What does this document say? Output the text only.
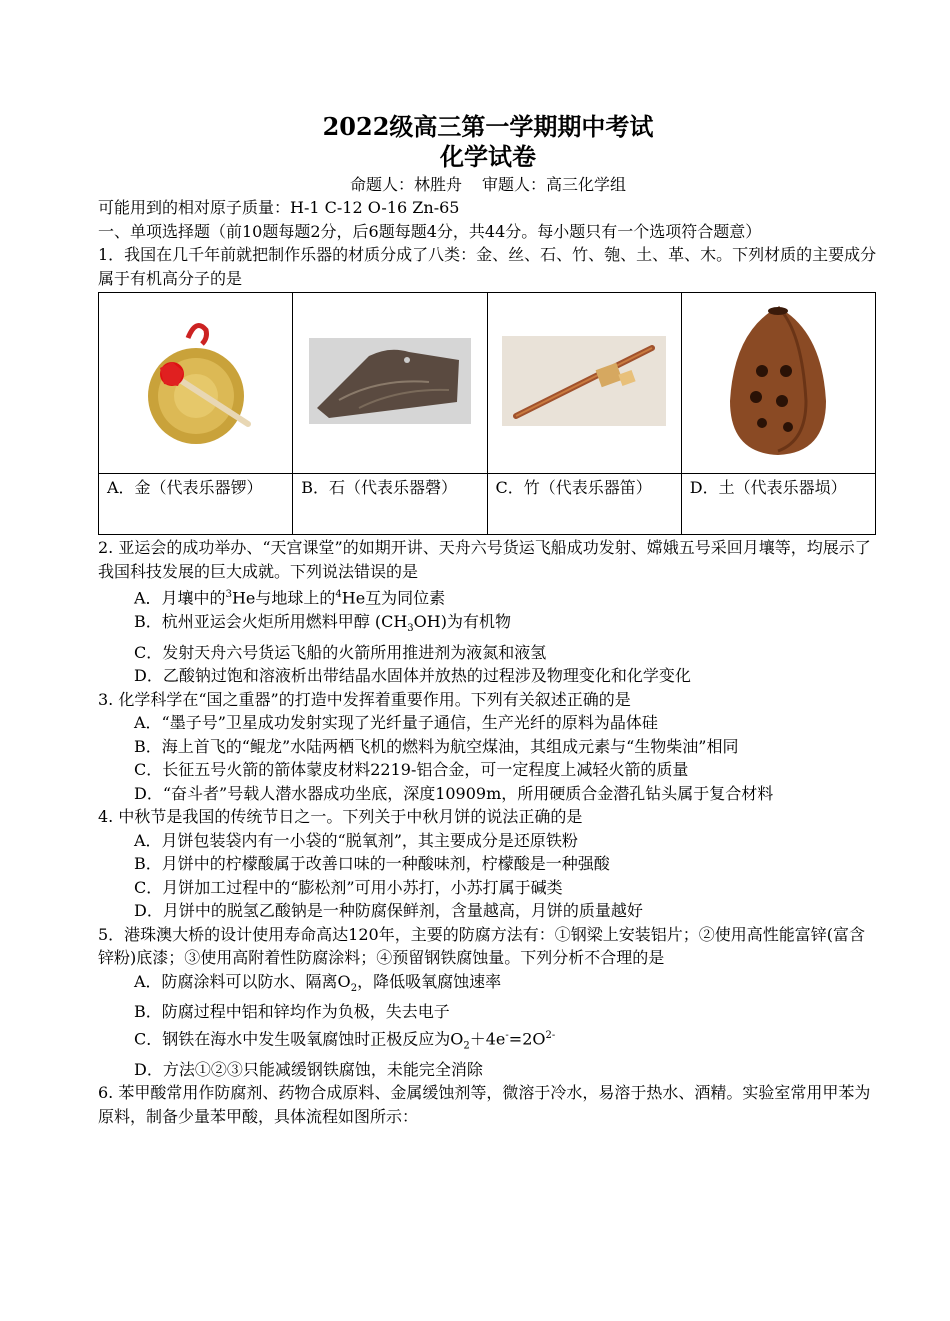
2022级高三第一学期期中考试
化学试卷
命题人：林胜舟 审题人：高三化学组

可能用到的相对原子质量：H-1 C-12 O-16 Zn-65

一、单项选择题（前10题每题2分，后6题每题4分，共44分。每小题只有一个选项符合题意）

1．我国在几千年前就把制作乐器的材质分成了八类：金、丝、石、竹、匏、土、革、木。下列材质的主要成分属于有机高分子的是

A．金（代表乐器锣）	B．石（代表乐器磬）	C．竹（代表乐器笛）	D．土（代表乐器埙）

2. 亚运会的成功举办、“天宫课堂”的如期开讲、天舟六号货运飞船成功发射、嫦娥五号采回月壤等，均展示了我国科技发展的巨大成就。下列说法错误的是

A．月壤中的$^3$He与地球上的$^4$He互为同位素
B．杭州亚运会火炬所用燃料甲醇 $(CH_3OH)$为有机物
C．发射天舟六号货运飞船的火箭所用推进剂为液氮和液氢
D．乙酸钠过饱和溶液析出带结晶水固体并放热的过程涉及物理变化和化学变化

3. 化学科学在“国之重器”的打造中发挥着重要作用。下列有关叙述正确的是

A．“墨子号”卫星成功发射实现了光纤量子通信，生产光纤的原料为晶体硅
B．海上首飞的“鲲龙”水陆两栖飞机的燃料为航空煤油，其组成元素与“生物柴油”相同
C．长征五号火箭的箭体蒙皮材料2219-铝合金，可一定程度上减轻火箭的质量
D．“奋斗者”号载人潜水器成功坐底，深度10909m，所用硬质合金潜孔钻头属于复合材料

4. 中秋节是我国的传统节日之一。下列关于中秋月饼的说法正确的是

A．月饼包装袋内有一小袋的“脱氧剂”，其主要成分是还原铁粉
B．月饼中的柠檬酸属于改善口味的一种酸味剂，柠檬酸是一种强酸
C．月饼加工过程中的“膨松剂”可用小苏打，小苏打属于碱类
D．月饼中的脱氢乙酸钠是一种防腐保鲜剂，含量越高，月饼的质量越好

5．港珠澳大桥的设计使用寿命高达120年，主要的防腐方法有：①钢梁上安装铝片；②使用高性能富锌(富含锌粉)底漆；③使用高附着性防腐涂料；④预留钢铁腐蚀量。下列分析不合理的是

A．防腐涂料可以防水、隔离$O_2$，降低吸氧腐蚀速率
B．防腐过程中铝和锌均作为负极，失去电子
C．钢铁在海水中发生吸氧腐蚀时正极反应为$O_2+4e^-=2O^{2-}$
D．方法①②③只能减缓钢铁腐蚀，未能完全消除

6. 苯甲酸常用作防腐剂、药物合成原料、金属缓蚀剂等，微溶于冷水，易溶于热水、酒精。实验室常用甲苯为原料，制备少量苯甲酸，具体流程如图所示：
